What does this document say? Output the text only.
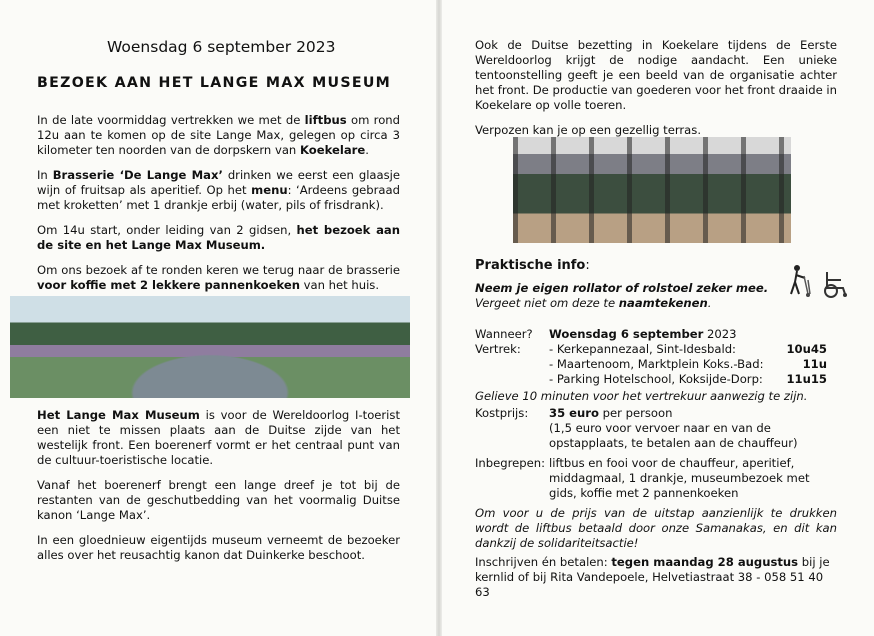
Woensdag 6 september 2023
BEZOEK AAN HET LANGE MAX MUSEUM

In de late voormiddag vertrekken we met de liftbus om rond 12u aan te komen op de site Lange Max, gelegen op circa 3 kilometer ten noorden van de dorpskern van Koekelare.

In Brasserie ‘De Lange Max’ drinken we eerst een glaasje wijn of fruitsap als aperitief. Op het menu: ‘Ardeens gebraad met kroketten’ met 1 drankje erbij (water, pils of frisdrank).

Om 14u start, onder leiding van 2 gidsen, het bezoek aan de site en het Lange Max Museum.

Om ons bezoek af te ronden keren we terug naar de brasserie voor koffie met 2 lekkere pannenkoeken van het huis.

Het Lange Max Museum is voor de Wereldoorlog I-toerist een niet te missen plaats aan de Duitse zijde van het westelijk front. Een boerenerf vormt er het centraal punt van de cultuur-toeristische locatie.

Vanaf het boerenerf brengt een lange dreef je tot bij de restanten van de geschutbedding van het voormalig Duitse kanon ‘Lange Max’.

In een gloednieuw eigentijds museum verneemt de bezoeker alles over het reusachtig kanon dat Duinkerke beschoot.

Ook de Duitse bezetting in Koekelare tijdens de Eerste Wereldoorlog krijgt de nodige aandacht. Een unieke tentoonstelling geeft je een beeld van de organisatie achter het front. De productie van goederen voor het front draaide in Koekelare op volle toeren.

Verpozen kan je op een gezellig terras.

Praktische info:
Neem je eigen rollator of rolstoel zeker mee.
Vergeet niet om deze te naamtekenen.
Wanneer?	Woensdag 6 september 2023
Vertrek:	- Kerkepannezaal, Sint-Idesbald:	10u45
- Maartenoom, Marktplein Koks.-Bad:	11u
- Parking Hotelschool, Koksijde-Dorp:	11u15
Gelieve 10 minuten voor het vertrekuur aanwezig te zijn.
Kostprijs:	35 euro per persoon
(1,5 euro voor vervoer naar en van de opstapplaats, te betalen aan de chauffeur)
Inbegrepen:	liftbus en fooi voor de chauffeur, aperitief, middagmaal, 1 drankje, museumbezoek met gids, koffie met 2 pannenkoeken

Om voor u de prijs van de uitstap aanzienlijk te drukken wordt de liftbus betaald door onze Samanakas, en dit kan dankzij de solidariteitsactie!

Inschrijven én betalen: tegen maandag 28 augustus bij je kernlid of bij Rita Vandepoele, Helvetiastraat 38 - 058 51 40 63
